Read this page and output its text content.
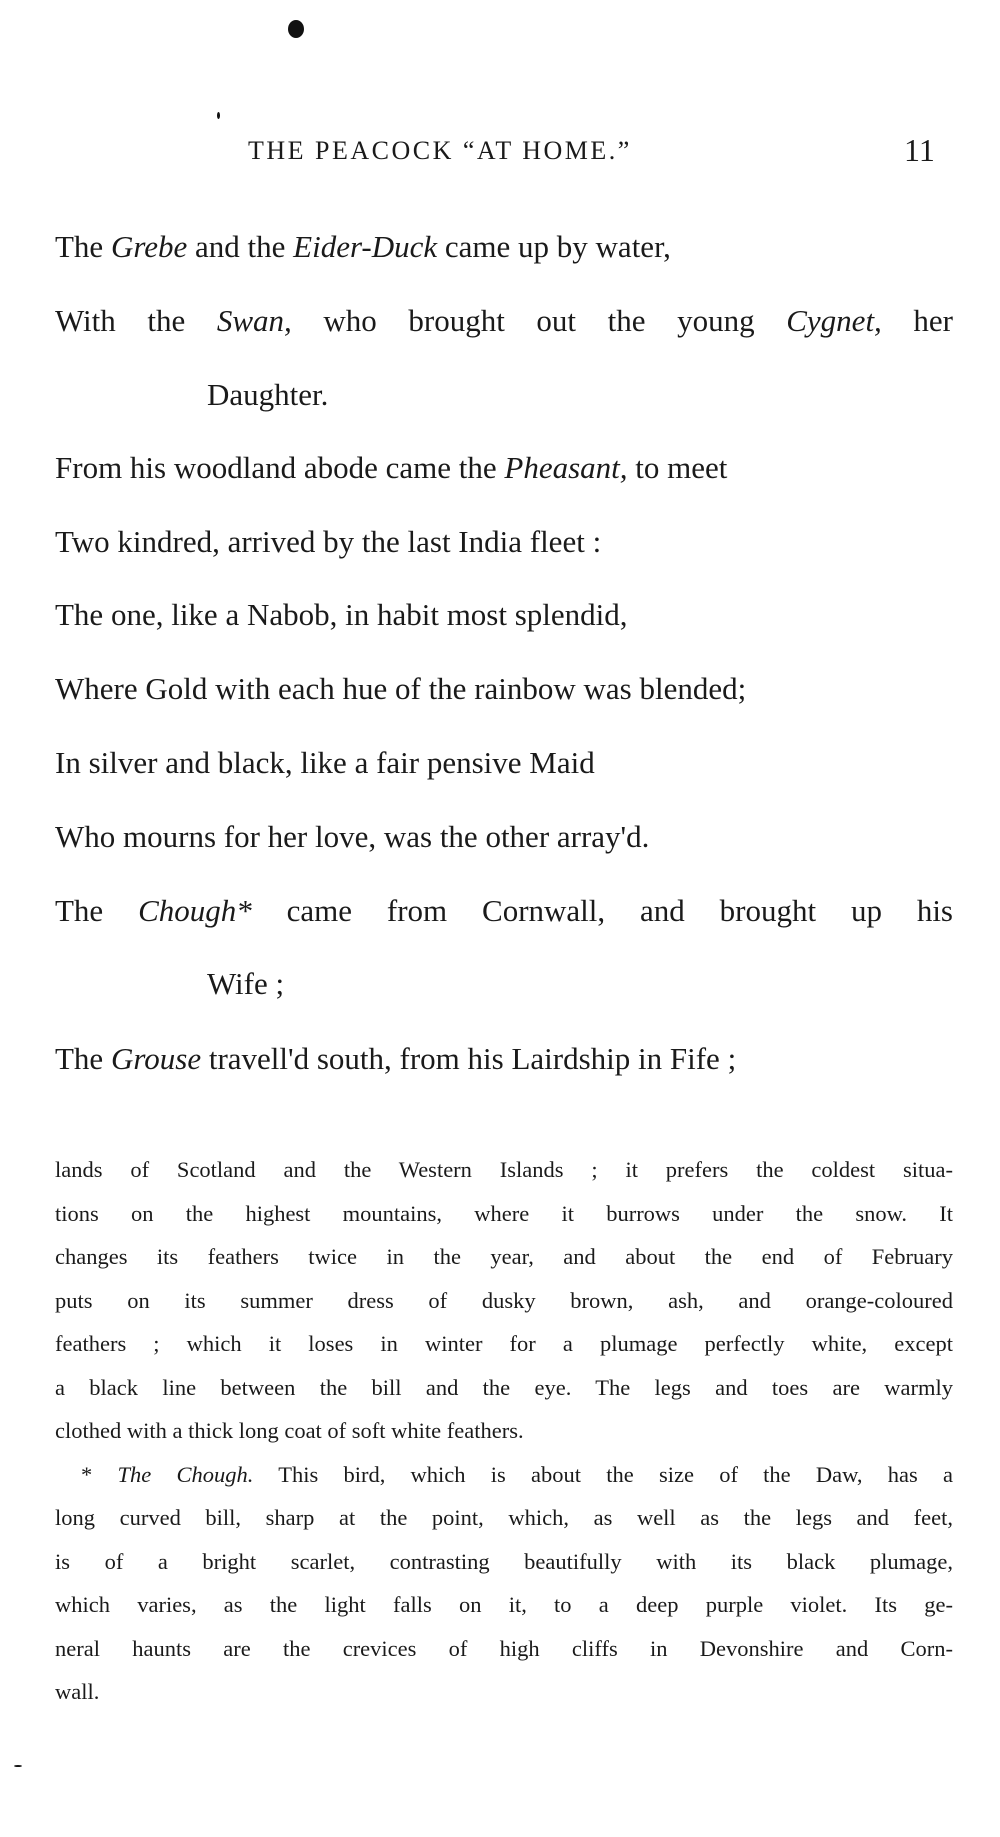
THE PEACOCK “AT HOME.”	11
The Grebe and the Eider-Duck came up by water,
With the Swan, who brought out the young Cygnet, her
Daughter.
From his woodland abode came the Pheasant, to meet
Two kindred, arrived by the last India fleet :
The one, like a Nabob, in habit most splendid,
Where Gold with each hue of the rainbow was blended;
In silver and black, like a fair pensive Maid
Who mourns for her love, was the other array'd.
The Chough* came from Cornwall, and brought up his
Wife ;
The Grouse travell'd south, from his Lairdship in Fife ;
lands of Scotland and the Western Islands ; it prefers the coldest situa-
tions on the highest mountains, where it burrows under the snow. It
changes its feathers twice in the year, and about the end of February
puts on its summer dress of dusky brown, ash, and orange-coloured
feathers ; which it loses in winter for a plumage perfectly white, except
a black line between the bill and the eye. The legs and toes are warmly
clothed with a thick long coat of soft white feathers.
* The Chough. This bird, which is about the size of the Daw, has a
long curved bill, sharp at the point, which, as well as the legs and feet,
is of a bright scarlet, contrasting beautifully with its black plumage,
which varies, as the light falls on it, to a deep purple violet. Its ge-
neral haunts are the crevices of high cliffs in Devonshire and Corn-
wall.
